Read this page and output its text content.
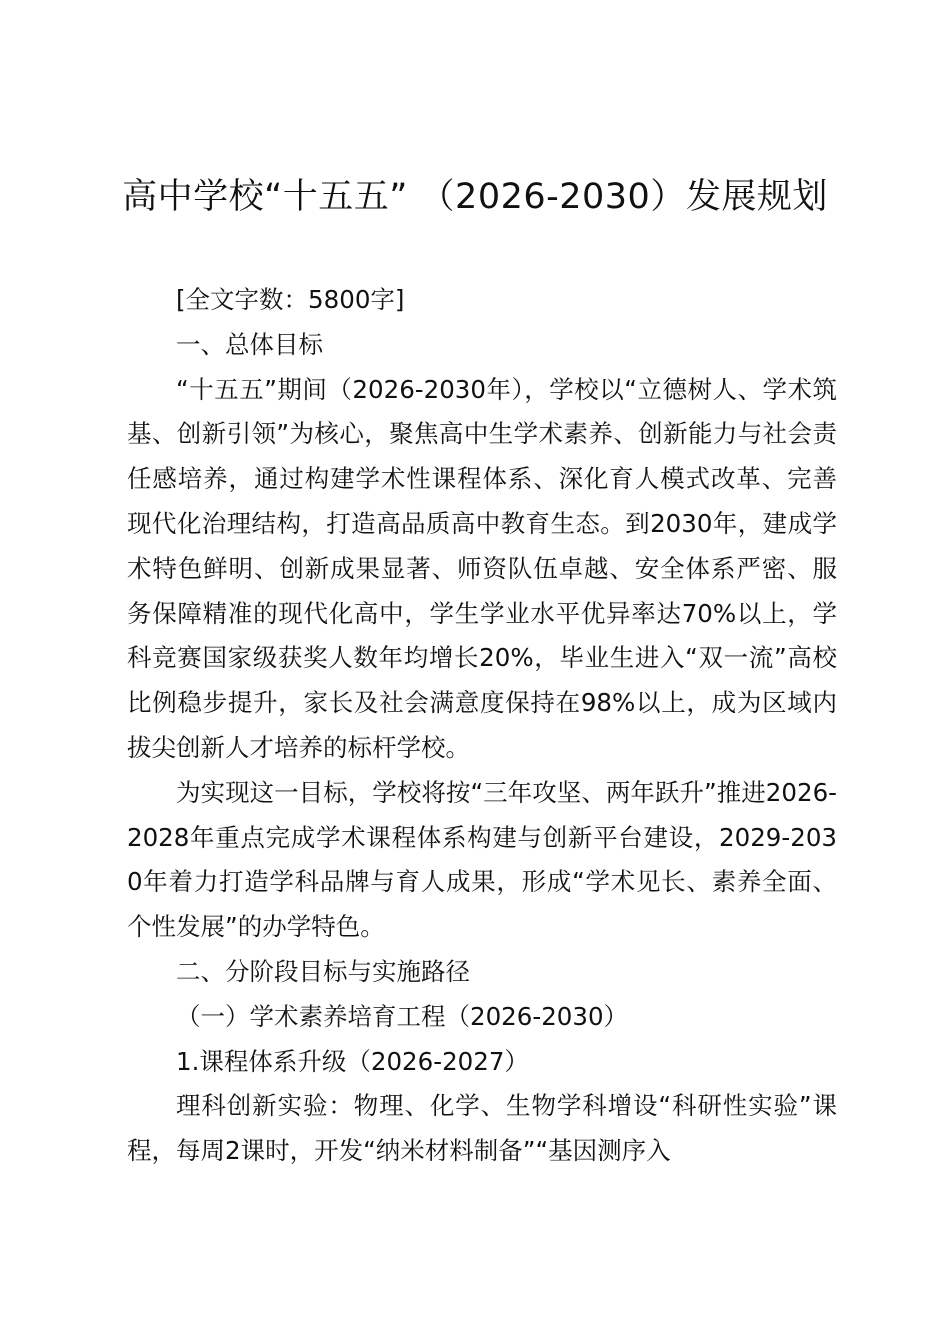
高中学校“十五五” （2026-2030）发展规划

[全文字数：5800字]

一、总体目标

“十五五”期间（2026-2030年），学校以“立德树人、学术筑基、创新引领”为核心，聚焦高中生学术素养、创新能力与社会责任感培养，通过构建学术性课程体系、深化育人模式改革、完善现代化治理结构，打造高品质高中教育生态。到2030年，建成学术特色鲜明、创新成果显著、师资队伍卓越、安全体系严密、服务保障精准的现代化高中，学生学业水平优异率达70%以上，学科竞赛国家级获奖人数年均增长20%，毕业生进入“双一流”高校比例稳步提升，家长及社会满意度保持在98%以上，成为区域内拔尖创新人才培养的标杆学校。

为实现这一目标，学校将按“三年攻坚、两年跃升”推进2026-2028年重点完成学术课程体系构建与创新平台建设，2029-2030年着力打造学科品牌与育人成果，形成“学术见长、素养全面、个性发展”的办学特色。

二、分阶段目标与实施路径

（一）学术素养培育工程（2026-2030）

1.课程体系升级（2026-2027）

理科创新实验：物理、化学、生物学科增设“科研性实验”课程，每周2课时，开发“纳米材料制备”“基因测序入
